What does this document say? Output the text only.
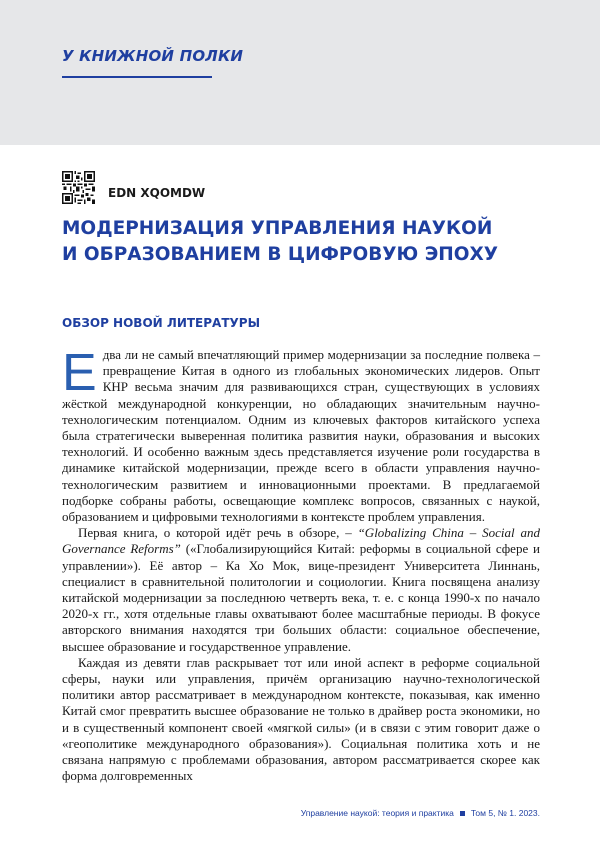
У КНИЖНОЙ ПОЛКИ
EDN XQOMDW
МОДЕРНИЗАЦИЯ УПРАВЛЕНИЯ НАУКОЙ
И ОБРАЗОВАНИЕМ В ЦИФРОВУЮ ЭПОХУ
ОБЗОР НОВОЙ ЛИТЕРАТУРЫ

Едва ли не самый впечатляющий пример модернизации за последние полвека – превращение Китая в одного из глобальных экономических лидеров. Опыт КНР весьма значим для развивающихся стран, существующих в условиях жёсткой международной конкуренции, но обладающих значительным научно-технологическим потенциалом. Одним из ключевых факторов китайского успеха была стратегически выверенная политика развития науки, образования и высоких технологий. И особенно важным здесь представляется изучение роли государства в динамике китайской модернизации, прежде всего в области управления научно-технологическим развитием и инновационными проектами. В предлагаемой подборке собраны работы, освещающие комплекс вопросов, связанных с наукой, образованием и цифровыми технологиями в контексте проблем управления.

Первая книга, о которой идёт речь в обзоре, – “Globalizing China – Social and Governance Reforms” («Глобализирующийся Китай: реформы в социальной сфере и управлении»). Её автор – Ка Хо Мок, вице-президент Университета Линнань, специалист в сравнительной политологии и социологии. Книга посвящена анализу китайской модернизации за последнюю четверть века, т. е. с конца 1990-х по начало 2020-х гг., хотя отдельные главы охватывают более масштабные периоды. В фокусе авторского внимания находятся три больших области: социальное обеспечение, высшее образование и государственное управление.

Каждая из девяти глав раскрывает тот или иной аспект в реформе социальной сферы, науки или управления, причём организацию научно-технологической политики автор рассматривает в международном контексте, показывая, как именно Китай смог превратить высшее образование не только в драйвер роста экономики, но и в существенный компонент своей «мягкой силы» (и в связи с этим говорит даже о «геополитике международного образования»). Социальная политика хоть и не связана напрямую с проблемами образования, автором рассматривается скорее как форма долговременных

Управление наукой: теория и практика Том 5, № 1. 2023.
